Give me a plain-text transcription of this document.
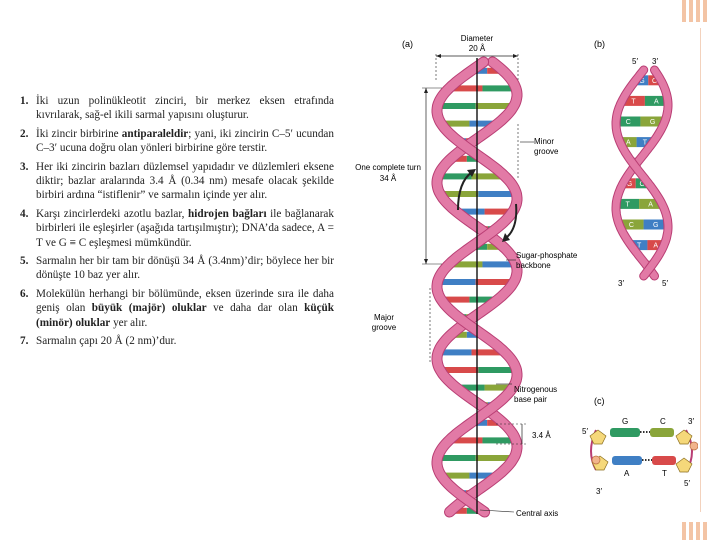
1. İki uzun polinükleotit zinciri, bir merkez eksen etrafında kıvrılarak, sağ-el ikili sarmal yapısını oluşturur.
2. İki zincir birbirine antiparaleldir; yani, iki zincirin C–5′ ucundan C–3′ ucuna doğru olan yönleri birbirine göre terstir.
3. Her iki zincirin bazları düzlemsel yapıdadır ve düzlemleri eksene diktir; bazlar aralarında 3.4 Å (0.34 nm) mesafe olacak şekilde birbiri ardına “istiflenir” ve sarmalın içinde yer alır.
4. Karşı zincirlerdeki azotlu bazlar, hidrojen bağları ile bağlanarak birbirleri ile eşleşirler (aşağıda tartışılmıştır); DNA’da sadece, A = T ve G ≡ C eşleşmesi mümkündür.
5. Sarmalın her bir tam bir dönüşü 34 Å (3.4nm)’dir; böylece her bir dönüşte 10 baz yer alır.
6. Molekülün herhangi bir bölümünde, eksen üzerinde sıra ile daha geniş olan büyük (majör) oluklar ve daha dar olan küçük (minör) oluklar yer alır.
7. Sarmalın çapı 20 Å (2 nm)’dur.
(a)
Diameter
20 Å
Minor
groove
One complete turn
34 Å
Sugar-phosphate
backbone
Major
groove
Nitrogenous
base pair
3.4 Å
Central axis
(b)
5′ 3′
G C
T	A
C	G
A T
G C
T	A
C	G
T A
3′	5′
(c)
G	C
A	T
5′
3′
3′
5′
